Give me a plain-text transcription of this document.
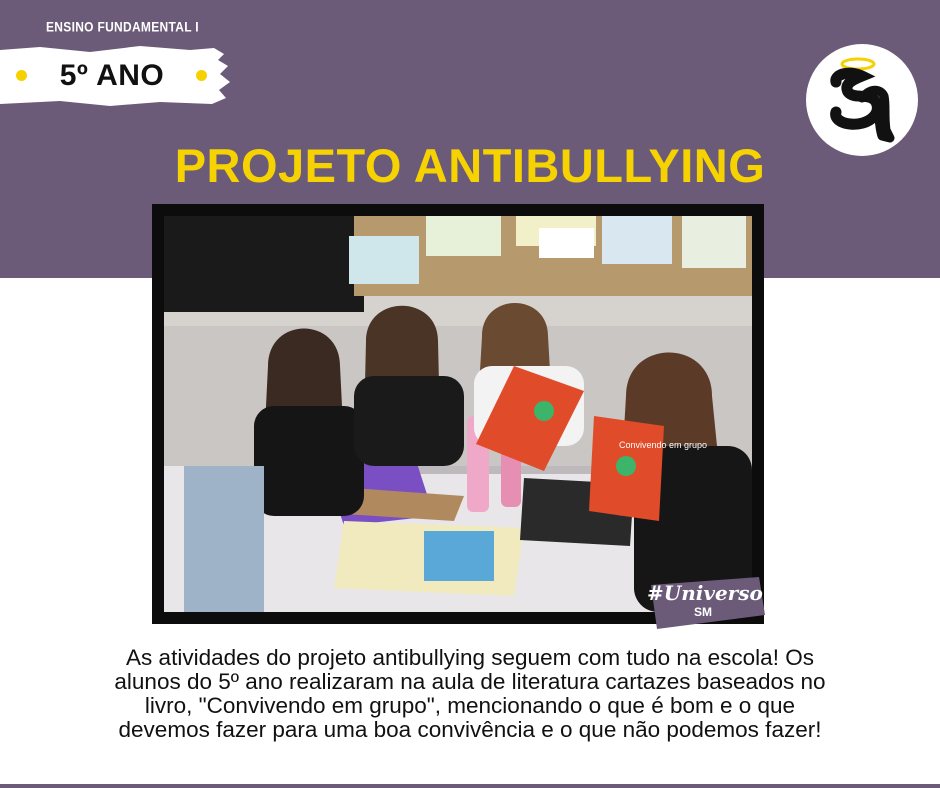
ENSINO FUNDAMENTAL I
5º ANO
PROJETO ANTIBULLYING
Convivendo em grupo
#Universo
SM
As atividades do projeto antibullying seguem com tudo na escola! Os
alunos do 5º ano realizaram na aula de literatura cartazes baseados no
livro, "Convivendo em grupo", mencionando o que é bom e o que
devemos fazer para uma boa convivência e o que não podemos fazer!
